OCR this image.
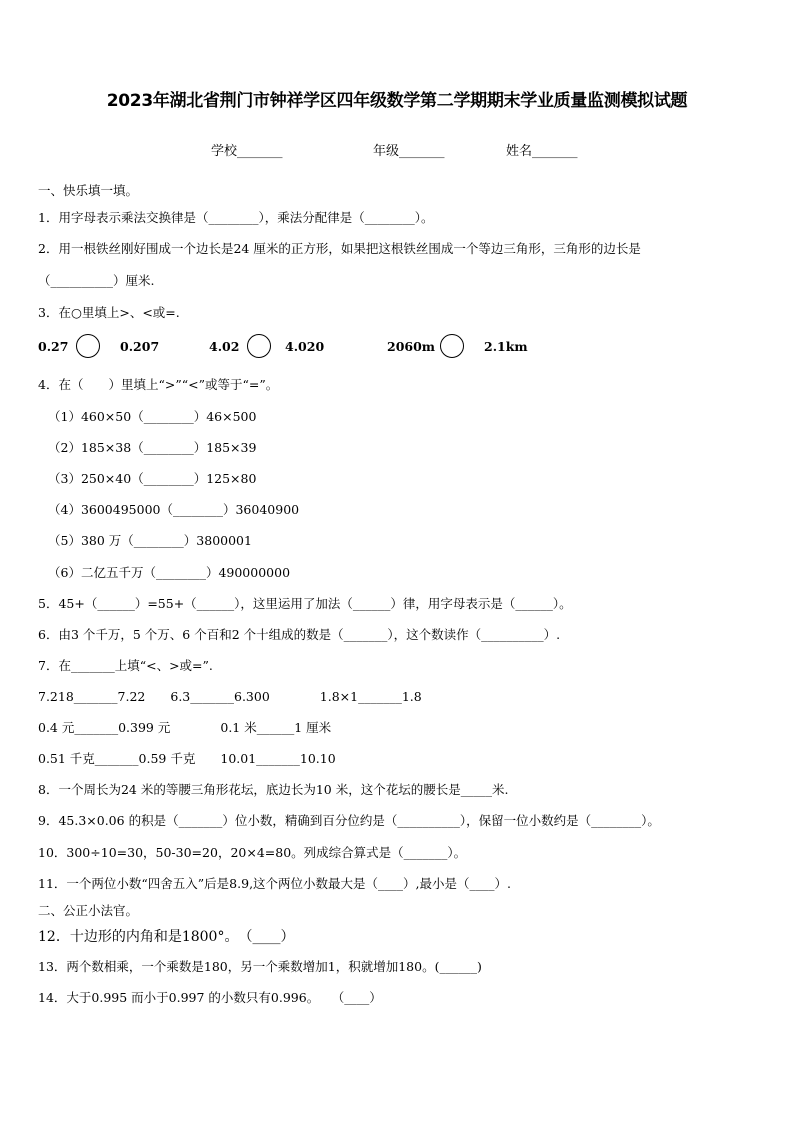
2023年湖北省荆门市钟祥学区四年级数学第二学期期末学业质量监测模拟试题
学校_______	年级_______	姓名_______
一、快乐填一填。
1．用字母表示乘法交换律是（________），乘法分配律是（________）。
2．用一根铁丝刚好围成一个边长是24 厘米的正方形，如果把这根铁丝围成一个等边三角形，三角形的边长是
（__________）厘米.
3．在○里填上>、<或=.
0.27	0.207	4.02	4.020	2060m	2.1km
4．在（　　）里填上“>”“<”或等于“=”。
（1）460×50（________）46×500
（2）185×38（________）185×39
（3）250×40（________）125×80
（4）3600495000（________）36040900
（5）380 万（________）3800001
（6）二亿五千万（________）490000000
5．45+（______）=55+（______），这里运用了加法（______）律，用字母表示是（______）。
6．由3 个千万，5 个万、6 个百和2 个十组成的数是（_______），这个数读作（__________）.
7．在_______上填“<、>或=”.
7.218_______7.22　　6.3_______6.300　　　　1.8×1_______1.8
0.4 元_______0.399 元　　　　0.1 米______1 厘米
0.51 千克_______0.59 千克　　10.01_______10.10
8．一个周长为24 米的等腰三角形花坛，底边长为10 米，这个花坛的腰长是_____米.
9．45.3×0.06 的积是（_______）位小数，精确到百分位约是（__________），保留一位小数约是（________）。
10．300÷10=30，50-30=20，20×4=80。列成综合算式是（_______）。
11．一个两位小数“四舍五入”后是8.9,这个两位小数最大是（____）,最小是（____）.
二、公正小法官。
12．十边形的内角和是1800°。　（____）
13．两个数相乘，一个乘数是180，另一个乘数增加1，积就增加180。(______)
14．大于0.995 而小于0.997 的小数只有0.996。　　（____）
